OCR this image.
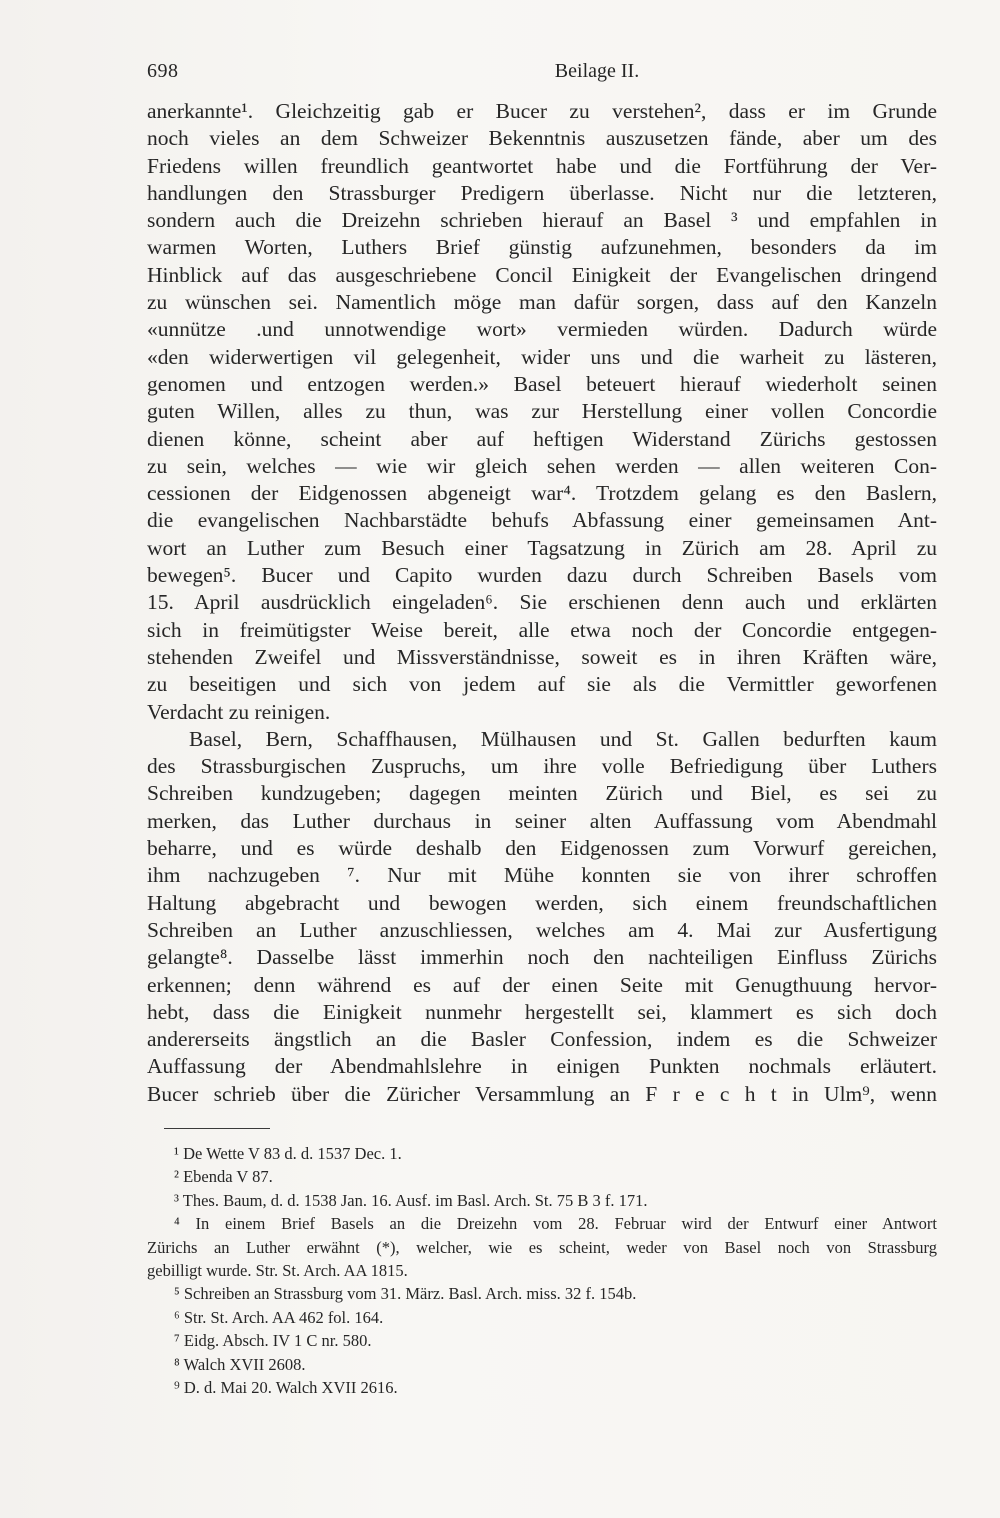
698	Beilage II.
anerkannte¹. Gleichzeitig gab er Bucer zu verstehen², dass er im Grunde
noch vieles an dem Schweizer Bekenntnis auszusetzen fände, aber um des
Friedens willen freundlich geantwortet habe und die Fortführung der Ver-
handlungen den Strassburger Predigern überlasse. Nicht nur die letzteren,
sondern auch die Dreizehn schrieben hierauf an Basel ³ und empfahlen in
warmen Worten, Luthers Brief günstig aufzunehmen, besonders da im
Hinblick auf das ausgeschriebene Concil Einigkeit der Evangelischen dringend
zu wünschen sei. Namentlich möge man dafür sorgen, dass auf den Kanzeln
«unnütze .und unnotwendige wort» vermieden würden. Dadurch würde
«den widerwertigen vil gelegenheit, wider uns und die warheit zu lästeren,
genomen und entzogen werden.» Basel beteuert hierauf wiederholt seinen
guten Willen, alles zu thun, was zur Herstellung einer vollen Concordie
dienen könne, scheint aber auf heftigen Widerstand Zürichs gestossen
zu sein, welches — wie wir gleich sehen werden — allen weiteren Con-
cessionen der Eidgenossen abgeneigt war⁴. Trotzdem gelang es den Baslern,
die evangelischen Nachbarstädte behufs Abfassung einer gemeinsamen Ant-
wort an Luther zum Besuch einer Tagsatzung in Zürich am 28. April zu
bewegen⁵. Bucer und Capito wurden dazu durch Schreiben Basels vom
15. April ausdrücklich eingeladen⁶. Sie erschienen denn auch und erklärten
sich in freimütigster Weise bereit, alle etwa noch der Concordie entgegen-
stehenden Zweifel und Missverständnisse, soweit es in ihren Kräften wäre,
zu beseitigen und sich von jedem auf sie als die Vermittler geworfenen
Verdacht zu reinigen.
Basel, Bern, Schaffhausen, Mülhausen und St. Gallen bedurften kaum
des Strassburgischen Zuspruchs, um ihre volle Befriedigung über Luthers
Schreiben kundzugeben; dagegen meinten Zürich und Biel, es sei zu
merken, das Luther durchaus in seiner alten Auffassung vom Abendmahl
beharre, und es würde deshalb den Eidgenossen zum Vorwurf gereichen,
ihm nachzugeben ⁷. Nur mit Mühe konnten sie von ihrer schroffen
Haltung abgebracht und bewogen werden, sich einem freundschaftlichen
Schreiben an Luther anzuschliessen, welches am 4. Mai zur Ausfertigung
gelangte⁸. Dasselbe lässt immerhin noch den nachteiligen Einfluss Zürichs
erkennen; denn während es auf der einen Seite mit Genugthuung hervor-
hebt, dass die Einigkeit nunmehr hergestellt sei, klammert es sich doch
andererseits ängstlich an die Basler Confession, indem es die Schweizer
Auffassung der Abendmahlslehre in einigen Punkten nochmals erläutert.
Bucer schrieb über die Züricher Versammlung an F r e c h t in Ulm⁹, wenn
¹ De Wette V 83 d. d. 1537 Dec. 1.
² Ebenda V 87.
³ Thes. Baum, d. d. 1538 Jan. 16. Ausf. im Basl. Arch. St. 75 B 3 f. 171.
⁴ In einem Brief Basels an die Dreizehn vom 28. Februar wird der Entwurf einer Antwort
Zürichs an Luther erwähnt (*), welcher, wie es scheint, weder von Basel noch von Strassburg
gebilligt wurde. Str. St. Arch. AA 1815.
⁵ Schreiben an Strassburg vom 31. März. Basl. Arch. miss. 32 f. 154b.
⁶ Str. St. Arch. AA 462 fol. 164.
⁷ Eidg. Absch. IV 1 C nr. 580.
⁸ Walch XVII 2608.
⁹ D. d. Mai 20. Walch XVII 2616.
